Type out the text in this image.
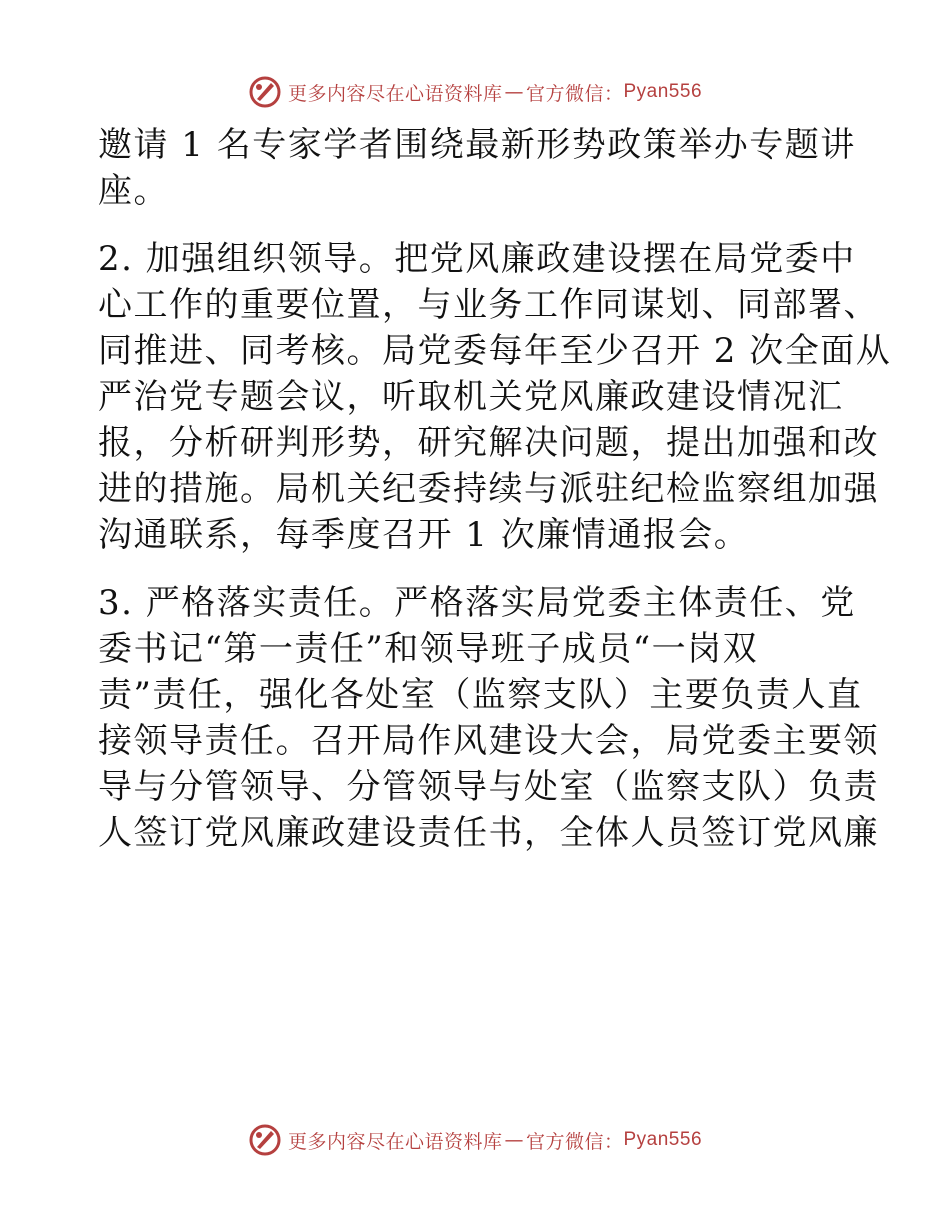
更多内容尽在心语资料库 — 官方微信： Pyan556
邀请 1 名专家学者围绕最新形势政策举办专题讲
座。
2. 加强组织领导。把党风廉政建设摆在局党委中
心工作的重要位置，与业务工作同谋划、同部署、
同推进、同考核。局党委每年至少召开 2 次全面从
严治党专题会议，听取机关党风廉政建设情况汇
报，分析研判形势，研究解决问题，提出加强和改
进的措施。局机关纪委持续与派驻纪检监察组加强
沟通联系，每季度召开 1 次廉情通报会。
3. 严格落实责任。严格落实局党委主体责任、党
委书记“第一责任”和领导班子成员“一岗双
责”责任，强化各处室（监察支队）主要负责人直
接领导责任。召开局作风建设大会，局党委主要领
导与分管领导、分管领导与处室（监察支队）负责
人签订党风廉政建设责任书，全体人员签订党风廉
更多内容尽在心语资料库 — 官方微信： Pyan556
